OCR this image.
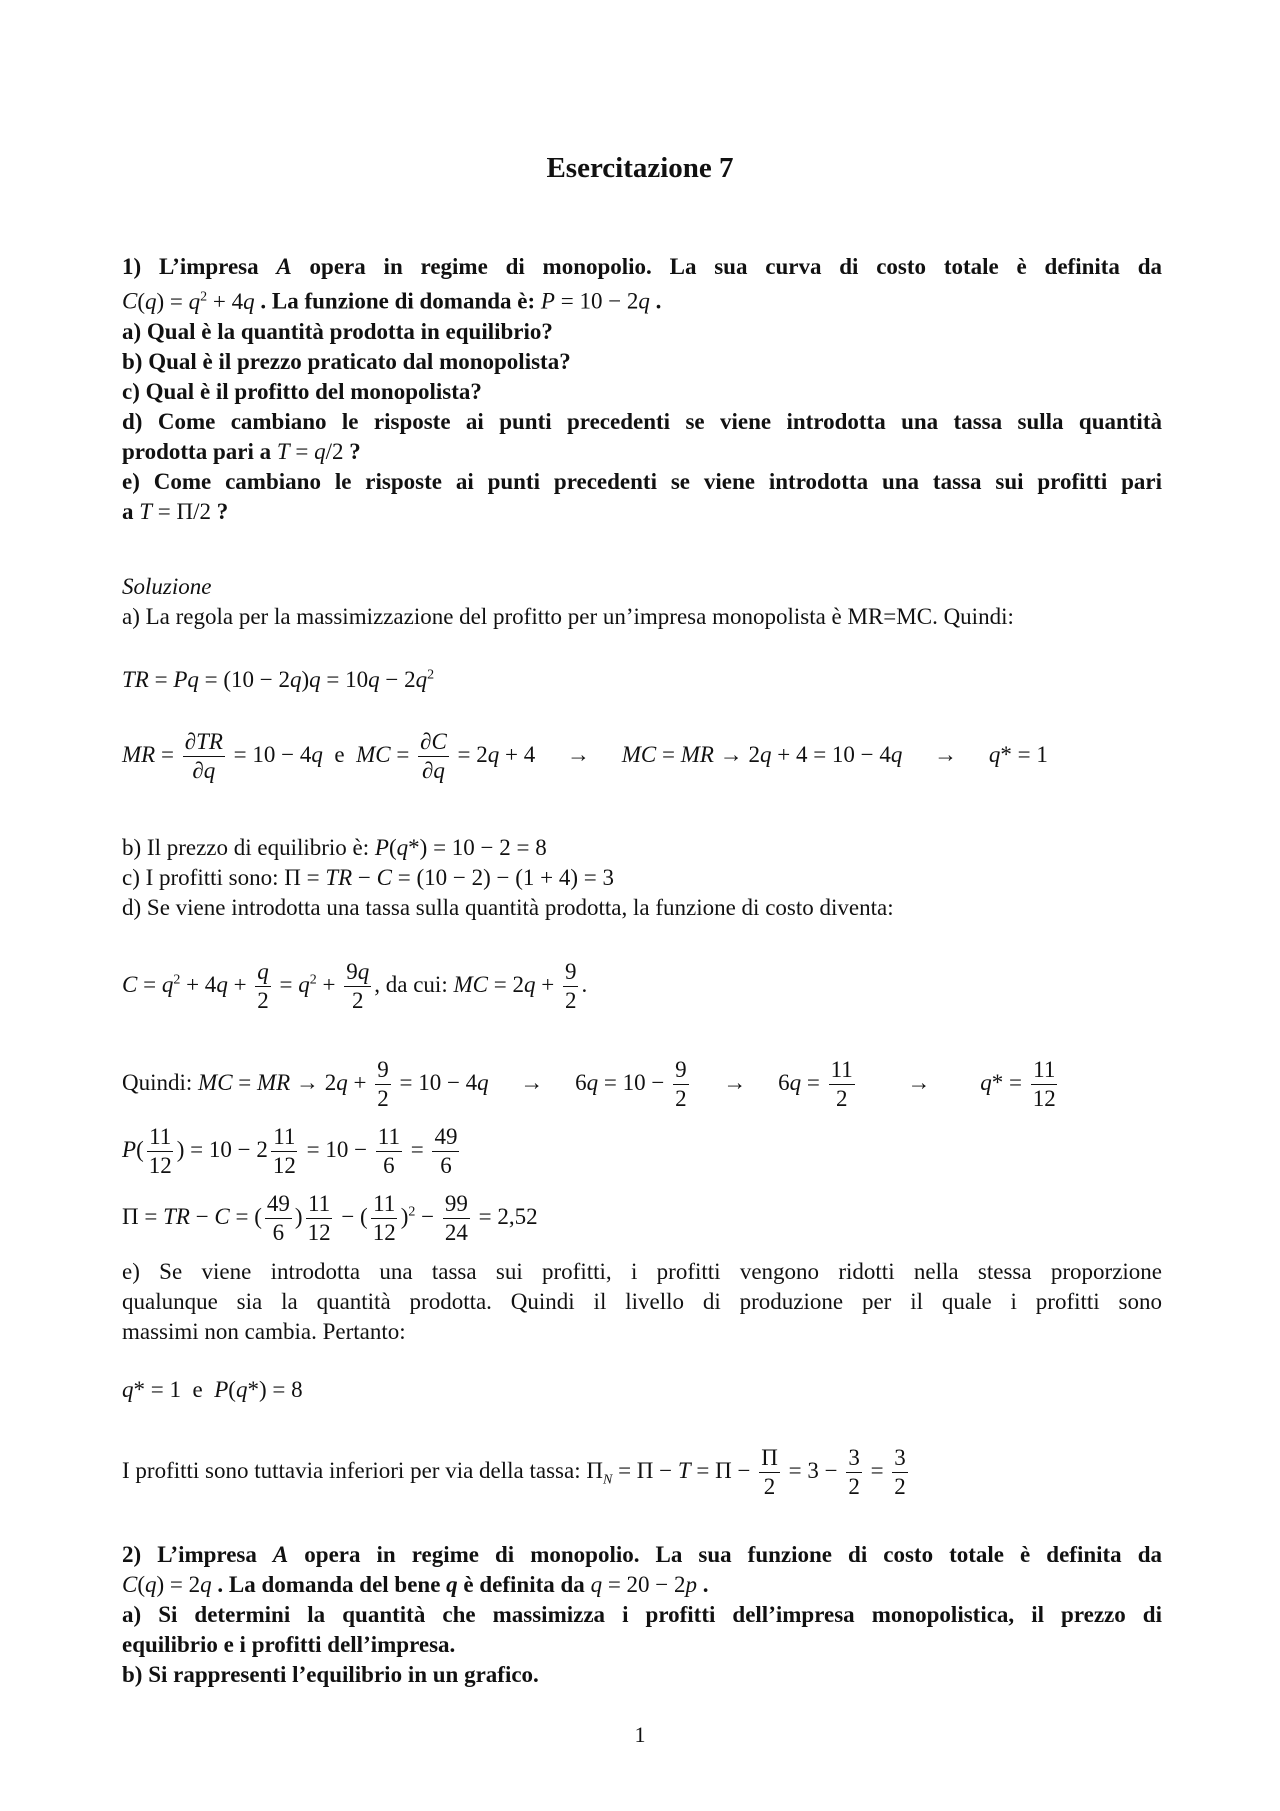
Esercitazione 7
1) L’impresa A opera in regime di monopolio. La sua curva di costo totale è definita da
$C(q) = q^2 + 4q$ . La funzione di domanda è: P = 10 − 2q .
a) Qual è la quantità prodotta in equilibrio?
b) Qual è il prezzo praticato dal monopolista?
c) Qual è il profitto del monopolista?
d) Come cambiano le risposte ai punti precedenti se viene introdotta una tassa sulla quantità
prodotta pari a T = q/2 ?
e) Come cambiano le risposte ai punti precedenti se viene introdotta una tassa sui profitti pari
a T = Π/2 ?
Soluzione
a) La regola per la massimizzazione del profitto per un’impresa monopolista è MR=MC. Quindi:
TR = $Pq = (10 - 2q)q = 10q - 2q^2$
MR = $\frac{\partial TR}{\partial q} = 10 - 4q$ e MC = $\frac{\partial C}{\partial q} = 2q + 4$ → MC = MR → 2q + 4 = 10 − 4q → q* = 1
b) Il prezzo di equilibrio è: P(q*) = 10 − 2 = 8
c) I profitti sono: Π = TR − C = (10 − 2) − (1 + 4) = 3
d) Se viene introdotta una tassa sulla quantità prodotta, la funzione di costo diventa:
$C = q^2 + 4q + \frac{q}{2} = q^2 + \frac{9q}{2}$ , da cui: MC = $2q + \frac{9}{2}$ .
Quindi: MC = MR → $2q + \frac{9}{2} = 10 - 4q \to 6q = 10 - \frac{9}{2} \to 6q = \frac{11}{2} \to q* = \frac{11}{12}$
$P( \frac{11}{12}$ ) = $10 - 2 \frac{11}{12} = 10 - \frac{11}{6} = \frac{49}{6}$
Π = TR − C = ( $\frac{49}{6}$ ) $\frac{11}{12}$ − ( $\frac{11}{12} )^2 - \frac{99}{24} = 2,52$
e) Se viene introdotta una tassa sui profitti, i profitti vengono ridotti nella stessa proporzione
qualunque sia la quantità prodotta. Quindi il livello di produzione per il quale i profitti sono
massimi non cambia. Pertanto:
q* = 1  e P(q*) = 8
I profitti sono tuttavia inferiori per via della tassa: $\Pi_N = \Pi - T = \Pi - \frac{\Pi}{2} = 3 - \frac{3}{2} = \frac{3}{2}$
2) L’impresa A opera in regime di monopolio. La sua funzione di costo totale è definita da
C(q) = 2q . La domanda del bene q è definita da q = 20 − 2p .
a) Si determini la quantità che massimizza i profitti dell’impresa monopolistica, il prezzo di
equilibrio e i profitti dell’impresa.
b) Si rappresenti l’equilibrio in un grafico.
1
